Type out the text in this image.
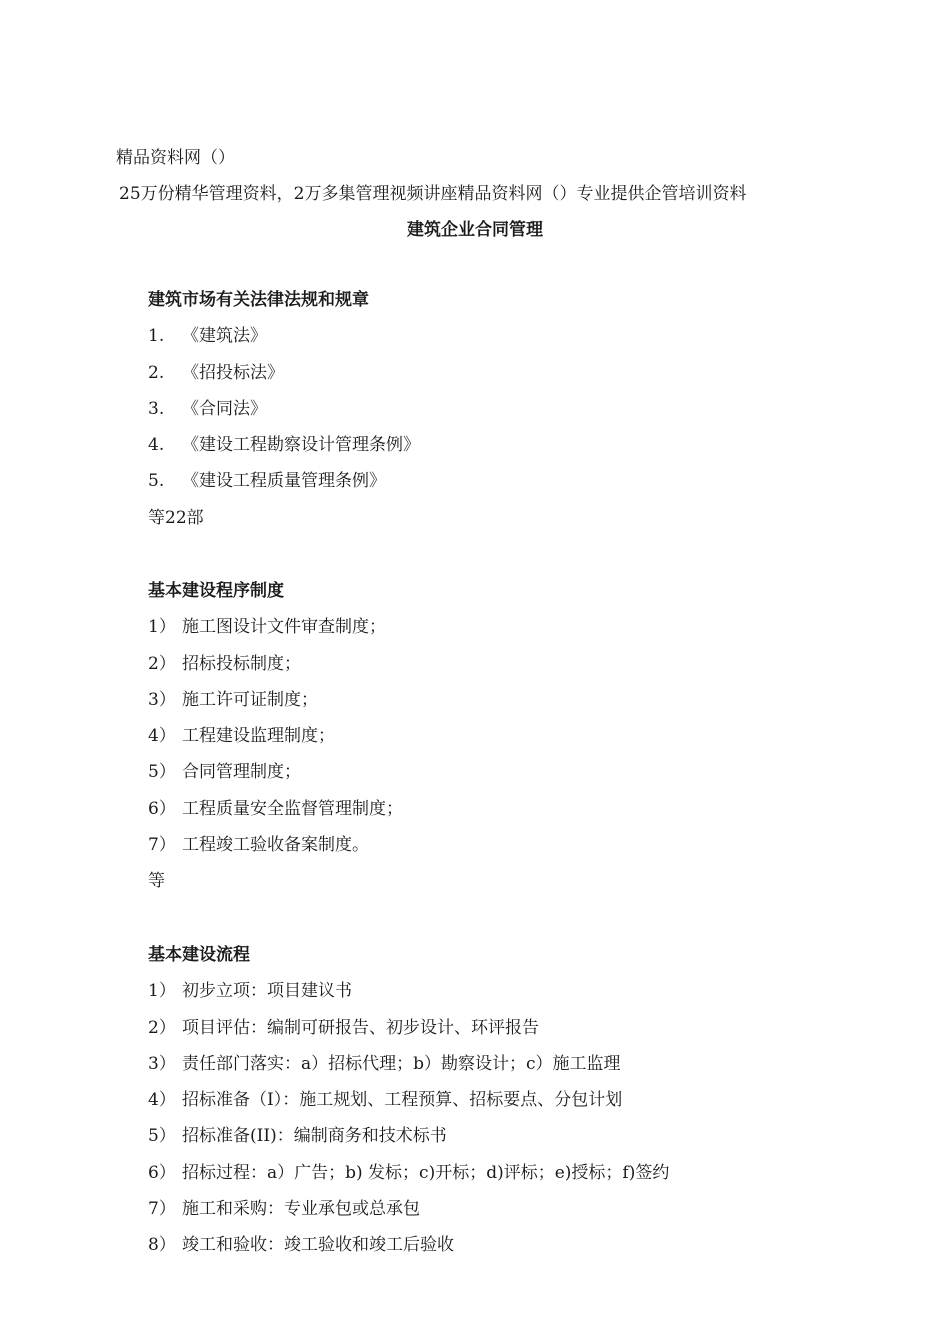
精品资料网（）
25万份精华管理资料，2万多集管理视频讲座精品资料网（）专业提供企管培训资料
建筑企业合同管理
建筑市场有关法律法规和规章
1. 《建筑法》
2. 《招投标法》
3. 《合同法》
4. 《建设工程勘察设计管理条例》
5. 《建设工程质量管理条例》
等22部
基本建设程序制度
1） 施工图设计文件审查制度；
2） 招标投标制度；
3） 施工许可证制度；
4） 工程建设监理制度；
5） 合同管理制度；
6） 工程质量安全监督管理制度；
7） 工程竣工验收备案制度。
等
基本建设流程
1） 初步立项：项目建议书
2） 项目评估：编制可研报告、初步设计、环评报告
3） 责任部门落实：a）招标代理；b）勘察设计；c）施工监理
4） 招标准备（I）：施工规划、工程预算、招标要点、分包计划
5） 招标准备(II)：编制商务和技术标书
6） 招标过程：a）广告；b) 发标；c)开标；d)评标；e)授标；f)签约
7） 施工和采购：专业承包或总承包
8） 竣工和验收：竣工验收和竣工后验收
